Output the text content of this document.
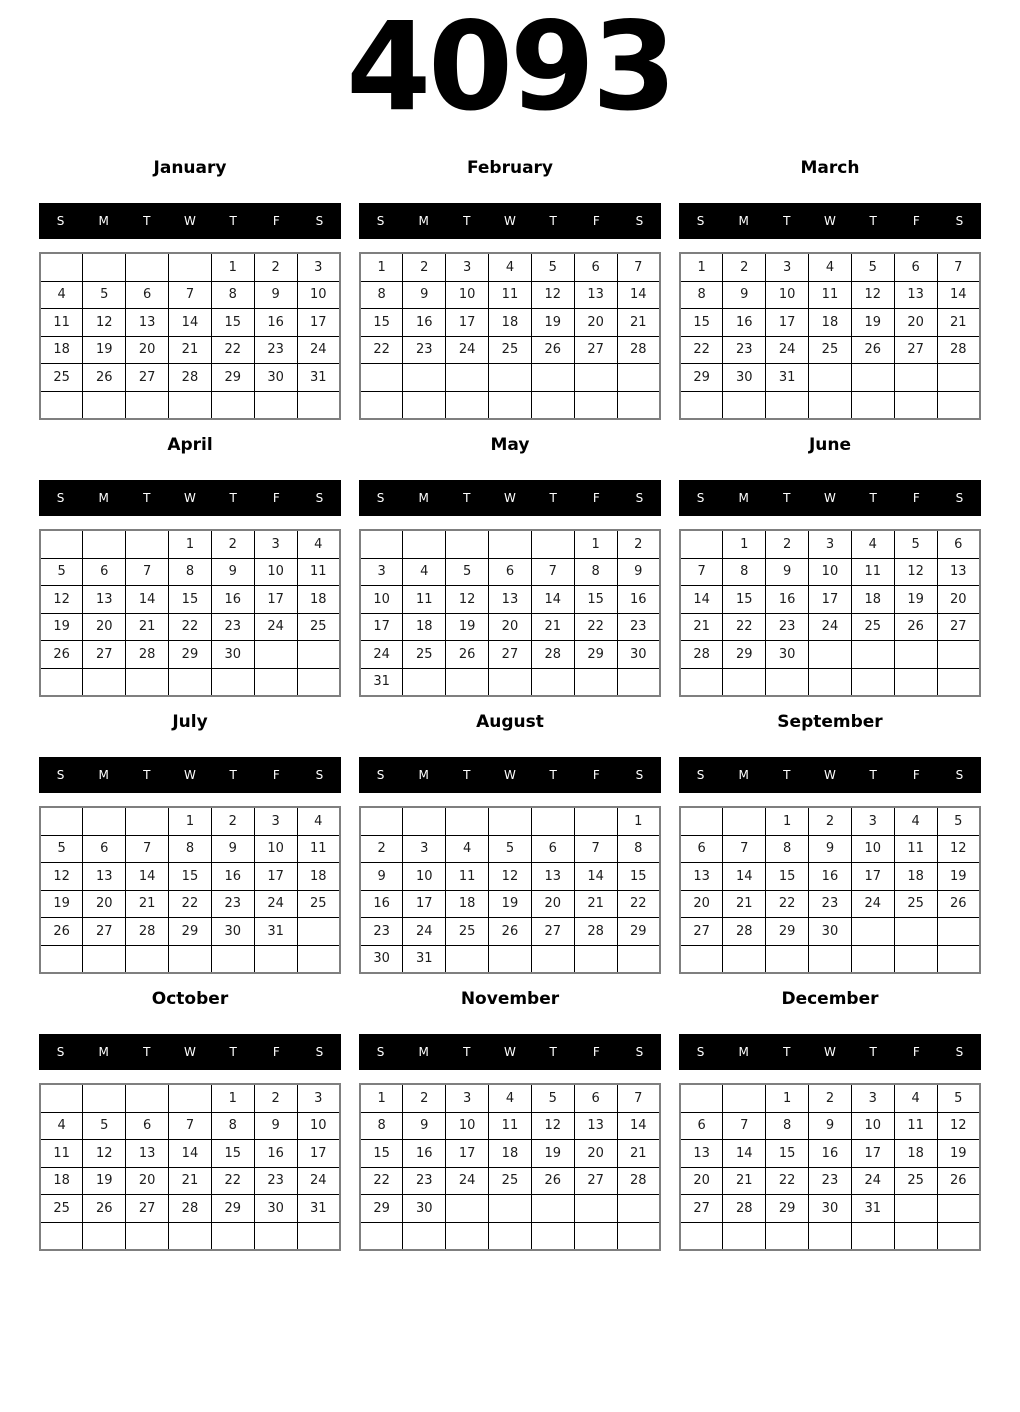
4093
January
S	M	T	W	T	F	S
				1	2	3
4	5	6	7	8	9	10
11	12	13	14	15	16	17
18	19	20	21	22	23	24
25	26	27	28	29	30	31

February
S	M	T	W	T	F	S
1	2	3	4	5	6	7
8	9	10	11	12	13	14
15	16	17	18	19	20	21
22	23	24	25	26	27	28

March
S	M	T	W	T	F	S
1	2	3	4	5	6	7
8	9	10	11	12	13	14
15	16	17	18	19	20	21
22	23	24	25	26	27	28
29	30	31				

April
S	M	T	W	T	F	S
			1	2	3	4
5	6	7	8	9	10	11
12	13	14	15	16	17	18
19	20	21	22	23	24	25
26	27	28	29	30		

May
S	M	T	W	T	F	S
					1	2
3	4	5	6	7	8	9
10	11	12	13	14	15	16
17	18	19	20	21	22	23
24	25	26	27	28	29	30
31						
June
S	M	T	W	T	F	S
	1	2	3	4	5	6
7	8	9	10	11	12	13
14	15	16	17	18	19	20
21	22	23	24	25	26	27
28	29	30				

July
S	M	T	W	T	F	S
			1	2	3	4
5	6	7	8	9	10	11
12	13	14	15	16	17	18
19	20	21	22	23	24	25
26	27	28	29	30	31	

August
S	M	T	W	T	F	S
						1
2	3	4	5	6	7	8
9	10	11	12	13	14	15
16	17	18	19	20	21	22
23	24	25	26	27	28	29
30	31					
September
S	M	T	W	T	F	S
		1	2	3	4	5
6	7	8	9	10	11	12
13	14	15	16	17	18	19
20	21	22	23	24	25	26
27	28	29	30			

October
S	M	T	W	T	F	S
				1	2	3
4	5	6	7	8	9	10
11	12	13	14	15	16	17
18	19	20	21	22	23	24
25	26	27	28	29	30	31

November
S	M	T	W	T	F	S
1	2	3	4	5	6	7
8	9	10	11	12	13	14
15	16	17	18	19	20	21
22	23	24	25	26	27	28
29	30					

December
S	M	T	W	T	F	S
		1	2	3	4	5
6	7	8	9	10	11	12
13	14	15	16	17	18	19
20	21	22	23	24	25	26
27	28	29	30	31		
